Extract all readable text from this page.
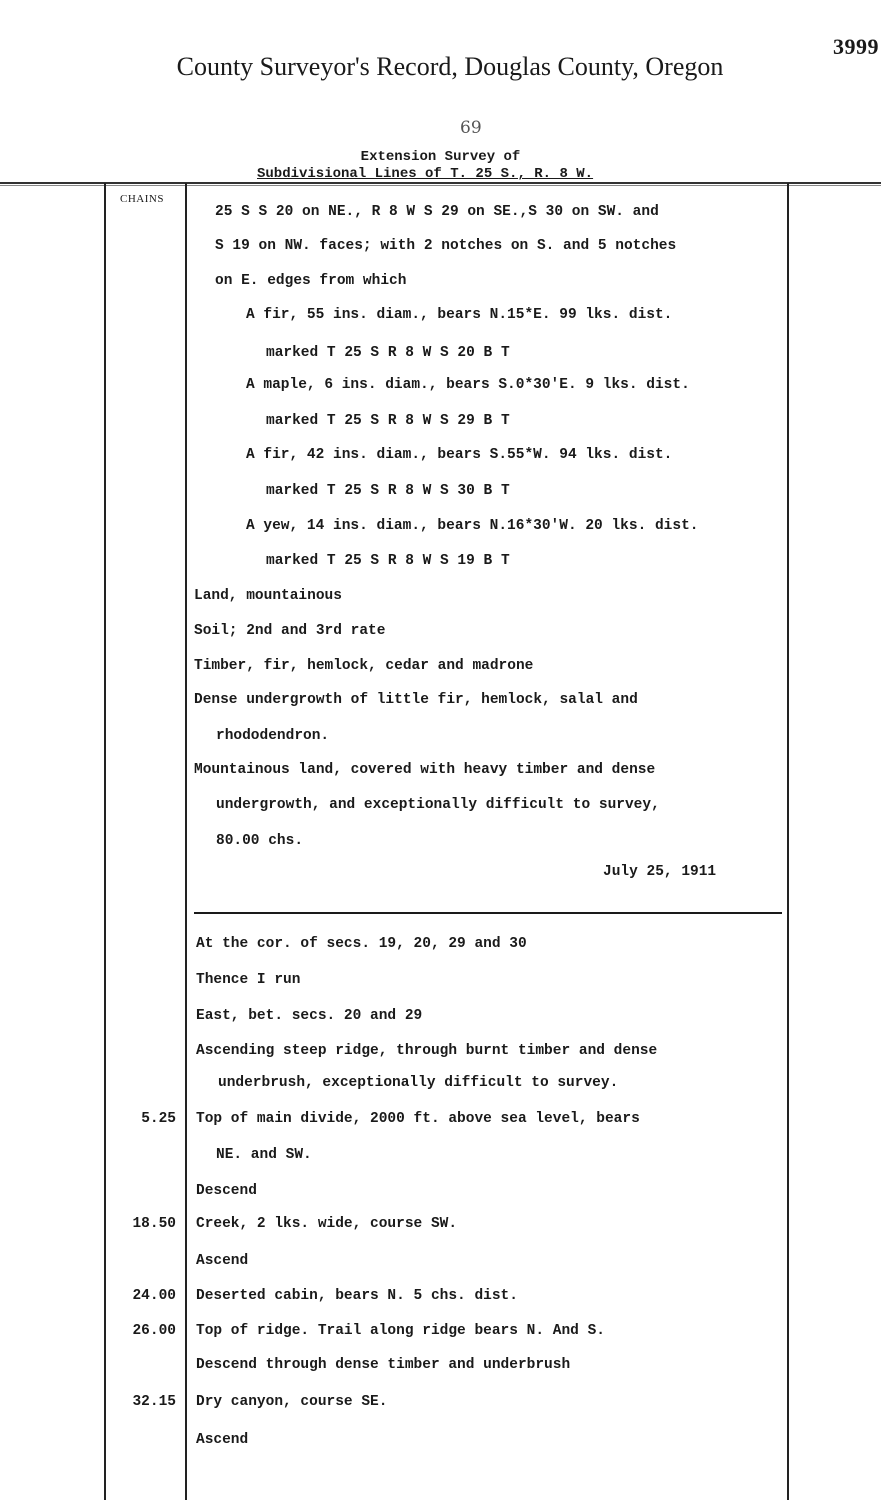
3999
County Surveyor's Record, Douglas County, Oregon
69
Extension Survey of
Subdivisional Lines of T. 25 S., R. 8 W.
CHAINS
25 S S 20 on NE., R 8 W S 29 on SE.,S 30 on SW. and
S 19 on NW. faces; with 2 notches on S. and 5 notches
on E. edges from which
A fir, 55 ins. diam., bears N.15*E. 99 lks. dist.
marked T 25 S R 8 W S 20 B T
A maple, 6 ins. diam., bears S.0*30'E. 9 lks. dist.
marked T 25 S R 8 W S 29 B T
A fir, 42 ins. diam., bears S.55*W. 94 lks. dist.
marked T 25 S R 8 W S 30 B T
A yew, 14 ins. diam., bears N.16*30'W. 20 lks. dist.
marked T 25 S R 8 W S 19 B T
Land, mountainous
Soil; 2nd and 3rd rate
Timber, fir, hemlock, cedar and madrone
Dense undergrowth of little fir, hemlock, salal and
rhododendron.
Mountainous land, covered with heavy timber and dense
undergrowth, and exceptionally difficult to survey,
80.00 chs.
July 25, 1911
At the cor. of secs. 19, 20, 29 and 30
Thence I run
East, bet. secs. 20 and 29
Ascending steep ridge, through burnt timber and dense
underbrush, exceptionally difficult to survey.
Top of main divide, 2000 ft. above sea level, bears
5.25
NE. and SW.
Descend
Creek, 2 lks. wide, course SW.
18.50
Ascend
Deserted cabin, bears N. 5 chs. dist.
24.00
Top of ridge. Trail along ridge bears N. And S.
26.00
Descend through dense timber and underbrush
Dry canyon, course SE.
32.15
Ascend
